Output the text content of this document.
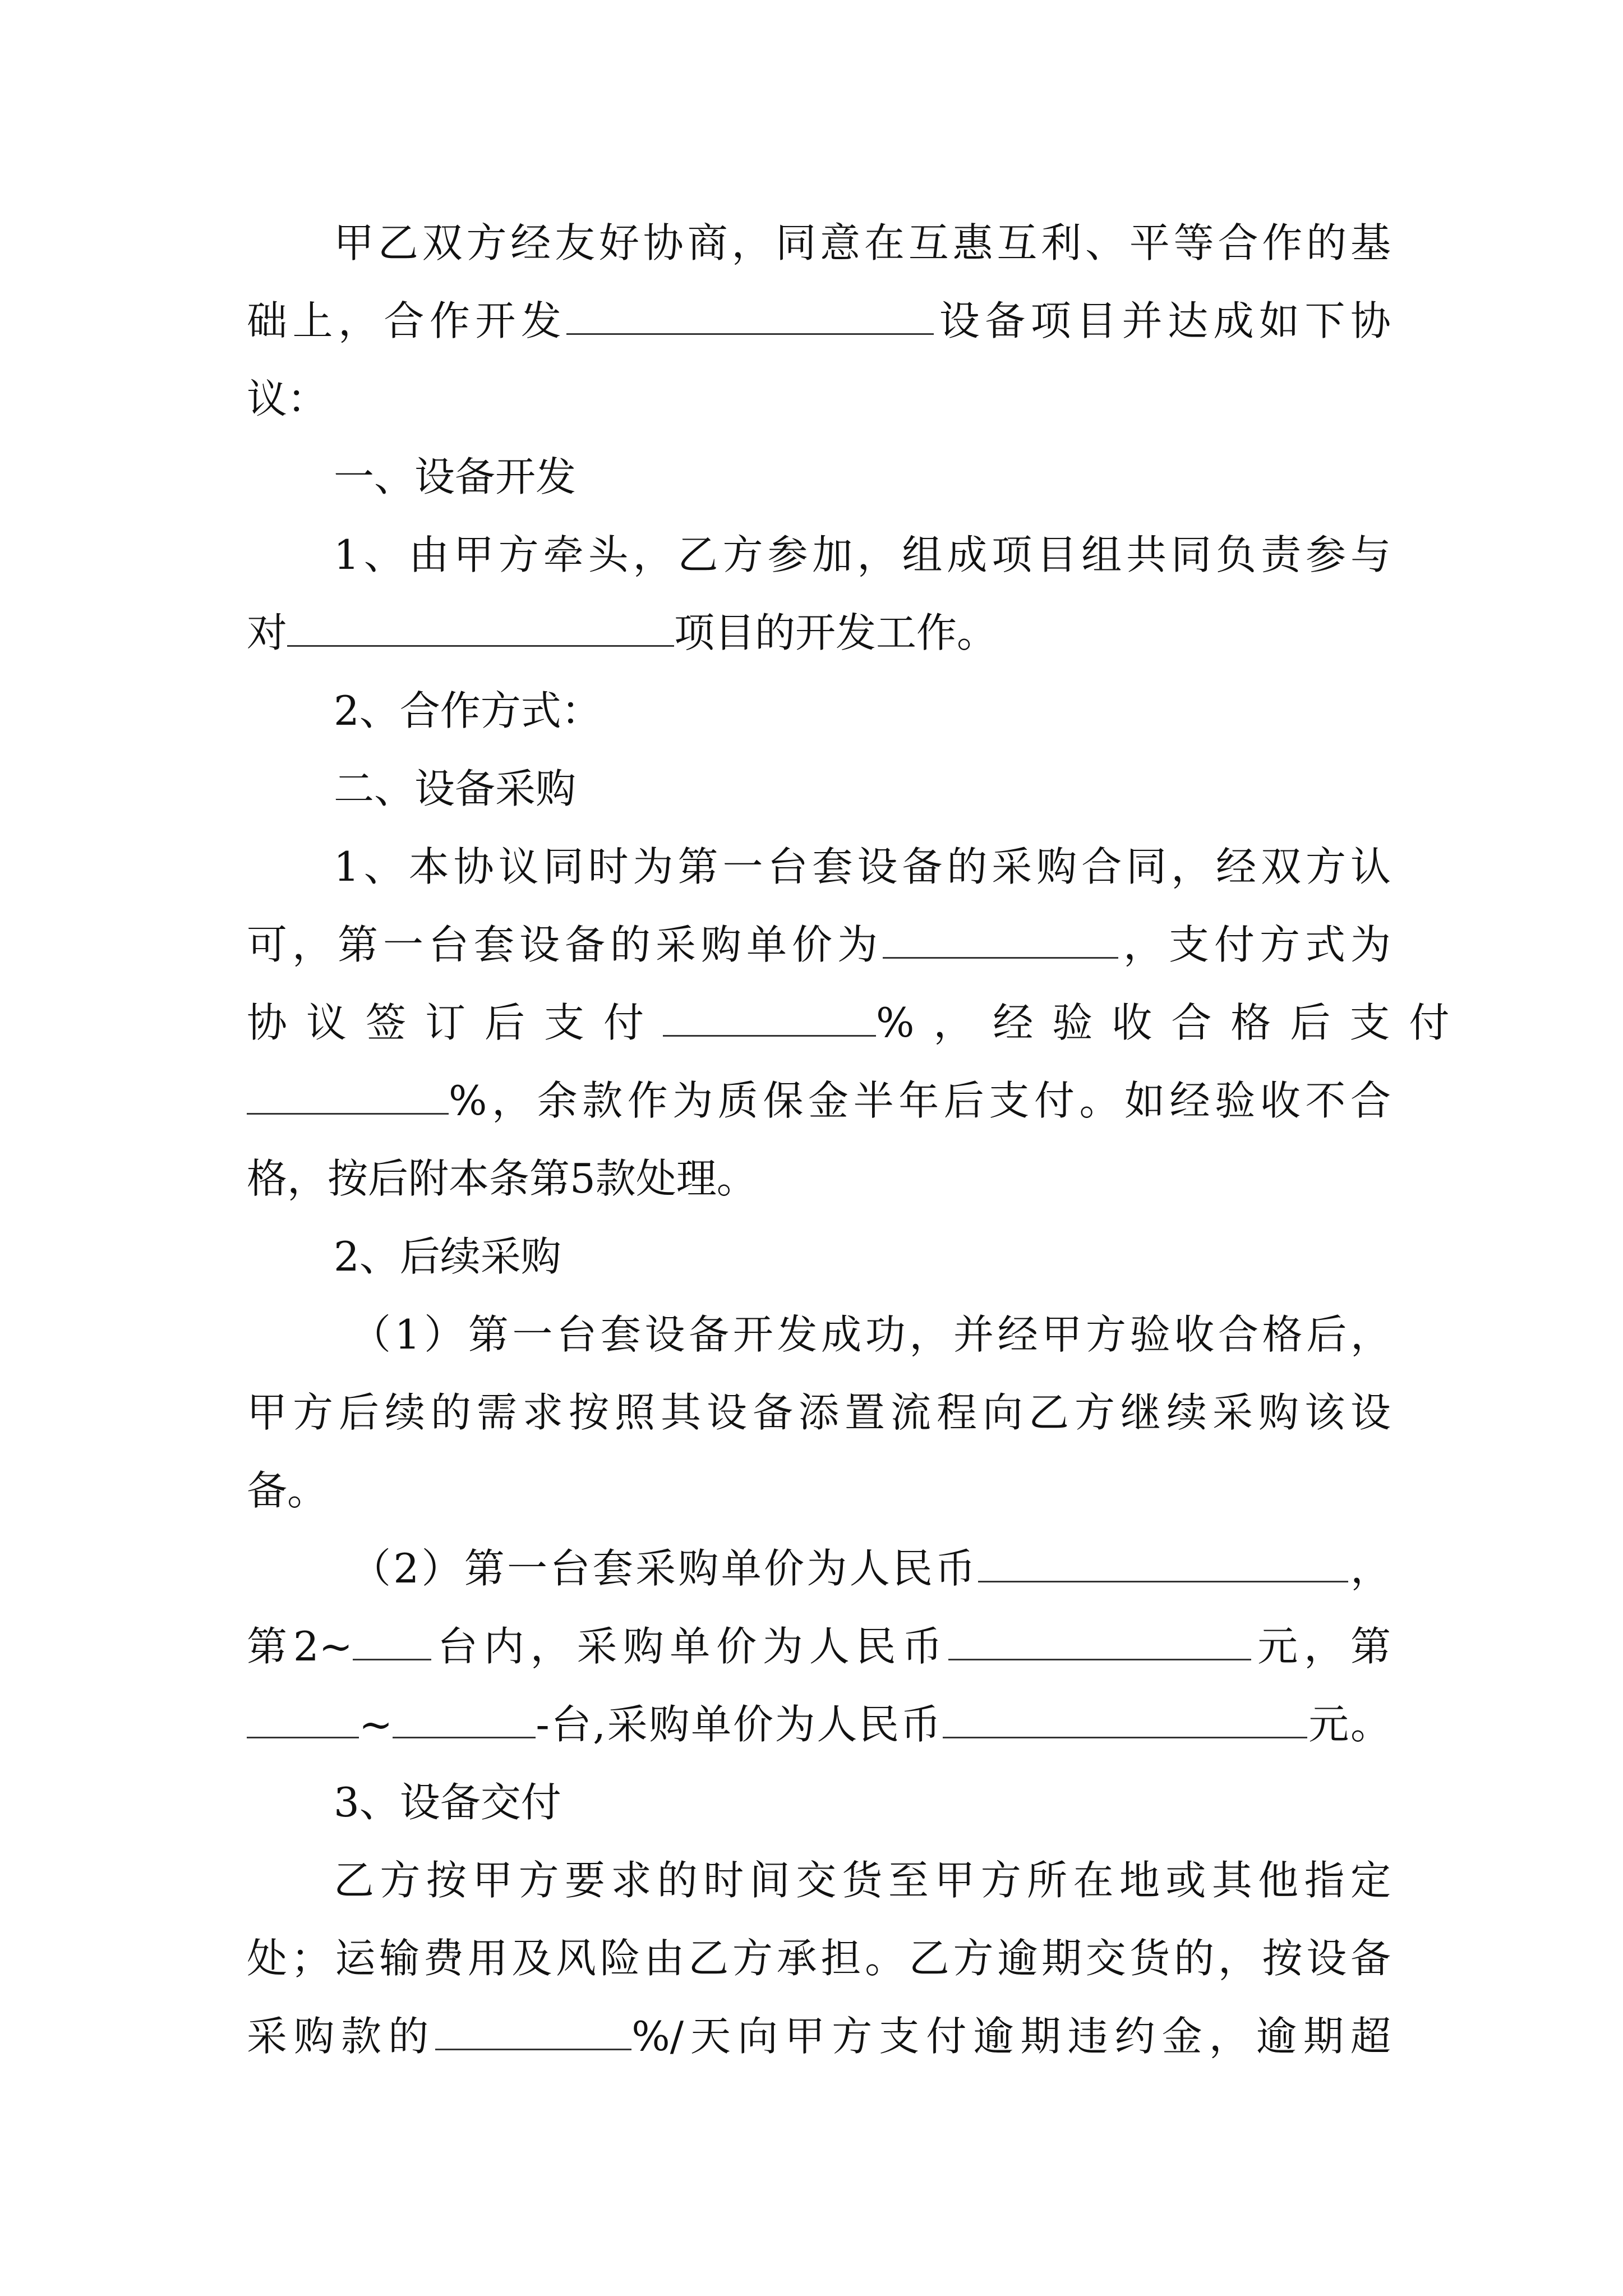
甲乙双方经友好协商，同意在互惠互利、平等合作的基
础上，合作开发	设备项目并达成如下协
议：
一、设备开发
1、由甲方牵头，乙方参加，组成项目组共同负责参与
对	项目的开发工作。
2、合作方式：
二、设备采购
1、本协议同时为第一台套设备的采购合同，经双方认
可，第一台套设备的采购单价为	，支付方式为
协议签订后支付	%，经验收合格后支付
%，余款作为质保金半年后支付。如经验收不合
格，按后附本条第5款处理。
2、后续采购
（1）第一台套设备开发成功，并经甲方验收合格后，
甲方后续的需求按照其设备添置流程向乙方继续采购该设
备。
（2）第一台套采购单价为人民币	，
第2~ 台内，采购单价为人民币	元，第
~	-台,采购单价为人民币	元。
3、设备交付
乙方按甲方要求的时间交货至甲方所在地或其他指定
处；运输费用及风险由乙方承担。乙方逾期交货的，按设备
采购款的	%/天向甲方支付逾期违约金，逾期超
